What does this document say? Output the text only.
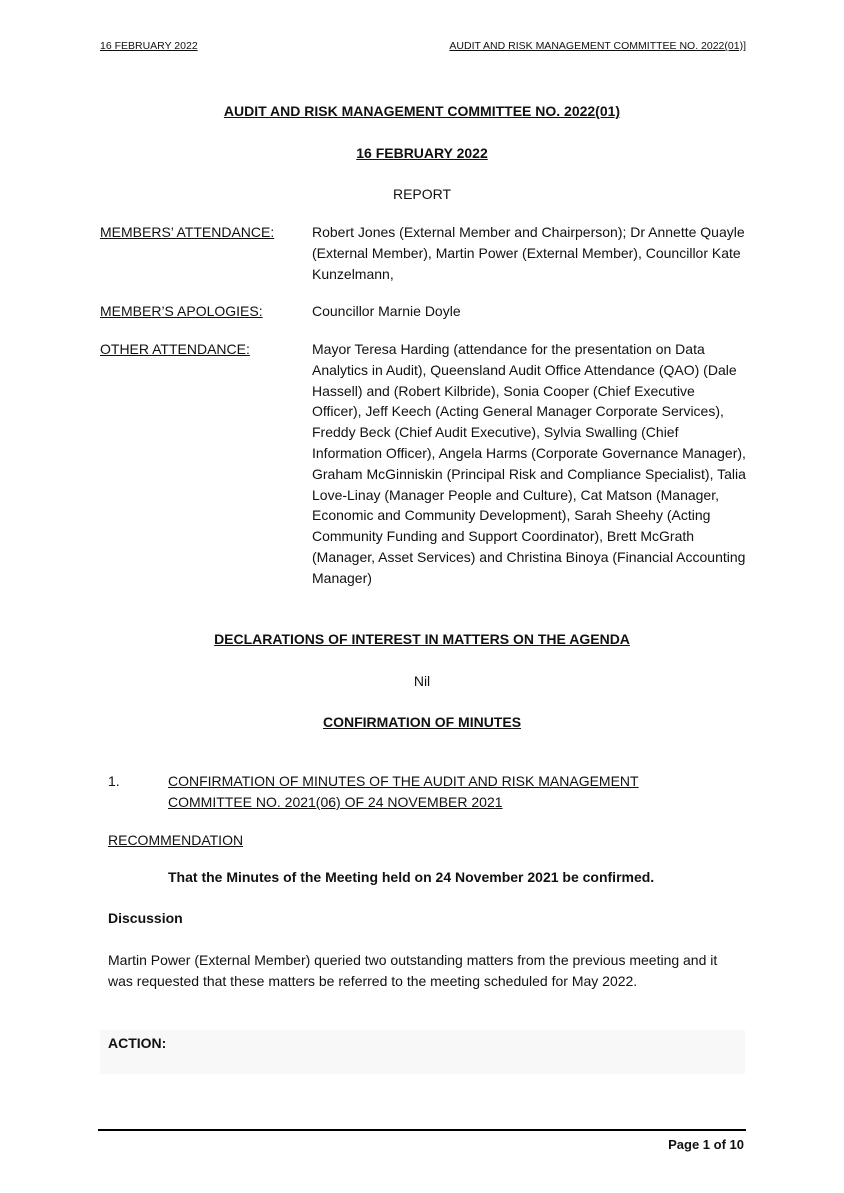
16 FEBRUARY 2022	AUDIT AND RISK MANAGEMENT COMMITTEE NO. 2022(01)]
AUDIT AND RISK MANAGEMENT COMMITTEE NO. 2022(01)
16 FEBRUARY 2022
REPORT
MEMBERS’ ATTENDANCE:	Robert Jones (External Member and Chairperson); Dr Annette Quayle (External Member), Martin Power (External Member), Councillor Kate Kunzelmann,
MEMBER’S APOLOGIES:	Councillor Marnie Doyle
OTHER ATTENDANCE:	Mayor Teresa Harding (attendance for the presentation on Data Analytics in Audit), Queensland Audit Office Attendance (QAO) (Dale Hassell) and (Robert Kilbride), Sonia Cooper (Chief Executive Officer), Jeff Keech (Acting General Manager Corporate Services), Freddy Beck (Chief Audit Executive), Sylvia Swalling (Chief Information Officer), Angela Harms (Corporate Governance Manager), Graham McGinniskin (Principal Risk and Compliance Specialist), Talia Love-Linay (Manager People and Culture), Cat Matson (Manager, Economic and Community Development), Sarah Sheehy (Acting Community Funding and Support Coordinator), Brett McGrath (Manager, Asset Services) and Christina Binoya (Financial Accounting Manager)
DECLARATIONS OF INTEREST IN MATTERS ON THE AGENDA
Nil
CONFIRMATION OF MINUTES
1.	CONFIRMATION OF MINUTES OF THE AUDIT AND RISK MANAGEMENT COMMITTEE NO. 2021(06) OF 24 NOVEMBER 2021
RECOMMENDATION
That the Minutes of the Meeting held on 24 November 2021 be confirmed.
Discussion
Martin Power (External Member) queried two outstanding matters from the previous meeting and it was requested that these matters be referred to the meeting scheduled for May 2022.
ACTION:
Page 1 of 10
